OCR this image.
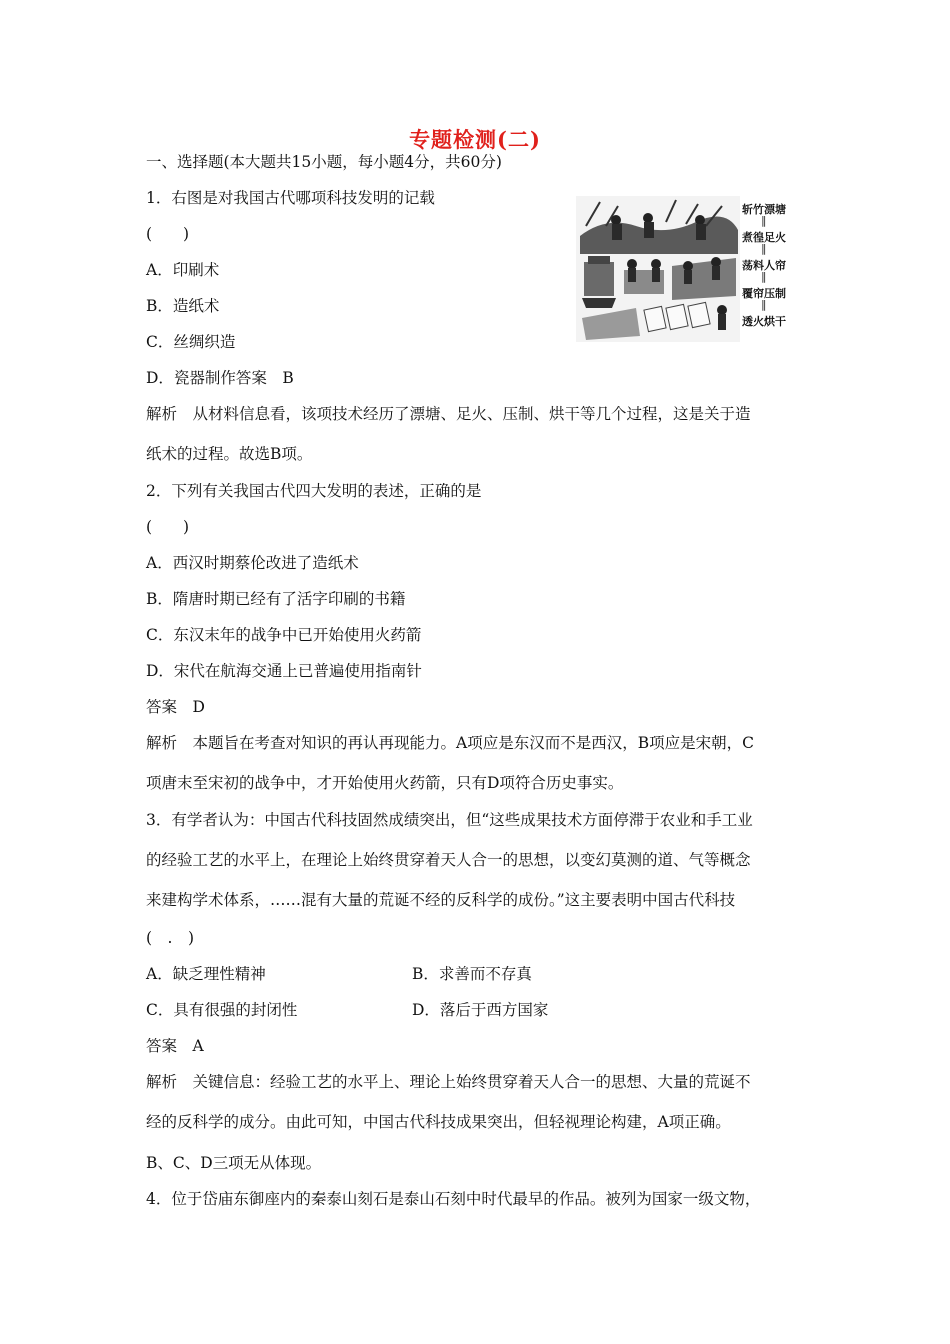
专题检测(二)
一、选择题(本大题共15小题，每小题4分，共60分)
1．右图是对我国古代哪项科技发明的记载
(　　)
A．印刷术
B．造纸术
C．丝绸织造
D．瓷器制作答案　B
解析　从材料信息看，该项技术经历了漂塘、足火、压制、烘干等几个过程，这是关于造
纸术的过程。故选B项。
斩竹漂塘
‖
煮徨足火
‖
荡料人帘
‖
覆帘压制
‖
透火烘干
2．下列有关我国古代四大发明的表述，正确的是
(　　)
A．西汉时期蔡伦改进了造纸术
B．隋唐时期已经有了活字印刷的书籍
C．东汉末年的战争中已开始使用火药箭
D．宋代在航海交通上已普遍使用指南针
答案　D
解析　本题旨在考查对知识的再认再现能力。A项应是东汉而不是西汉，B项应是宋朝，C
项唐末至宋初的战争中，才开始使用火药箭，只有D项符合历史事实。
3．有学者认为：中国古代科技固然成绩突出，但“这些成果技术方面停滞于农业和手工业
的经验工艺的水平上，在理论上始终贯穿着天人合一的思想，以变幻莫测的道、气等概念
来建构学术体系，……混有大量的荒诞不经的反科学的成份。”这主要表明中国古代科技
(　.　)
A．缺乏理性精神	B．求善而不存真
C．具有很强的封闭性	D．落后于西方国家
答案　A
解析　关键信息：经验工艺的水平上、理论上始终贯穿着天人合一的思想、大量的荒诞不
经的反科学的成分。由此可知，中国古代科技成果突出，但轻视理论构建，A项正确。
B、C、D三项无从体现。
4．位于岱庙东御座内的秦泰山刻石是泰山石刻中时代最早的作品。被列为国家一级文物，
